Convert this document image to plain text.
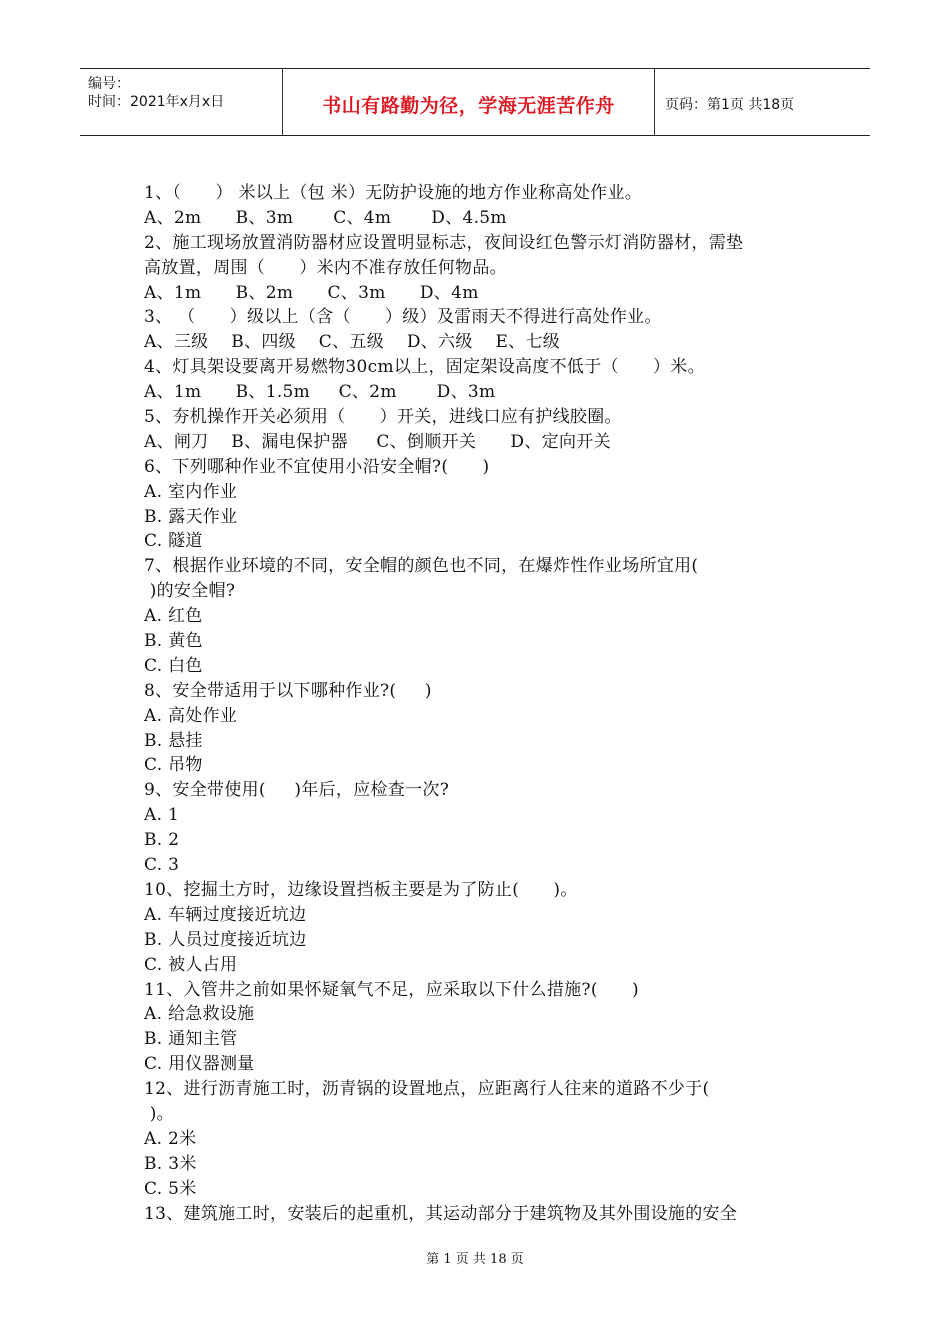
编号：
时间：2021年x月x日	书山有路勤为径，学海无涯苦作舟	页码：第1页 共18页
1、（      ） 米以上（包 米）无防护设施的地方作业称高处作业。
A、2m      B、3m       C、4m       D、4.5m
2、施工现场放置消防器材应设置明显标志，夜间设红色警示灯消防器材，需垫
高放置，周围（      ）米内不准存放任何物品。
A、1m      B、2m      C、3m      D、4m
3、 （      ）级以上（含（      ）级）及雷雨天不得进行高处作业。
A、三级    B、四级    C、五级    D、六级    E、七级
4、灯具架设要离开易燃物30cm以上，固定架设高度不低于（      ）米。
A、1m      B、1.5m     C、2m       D、3m
5、夯机操作开关必须用（      ）开关，进线口应有护线胶圈。
A、闸刀    B、漏电保护器     C、倒顺开关      D、定向开关
6、下列哪种作业不宜使用小沿安全帽?(      )
A. 室内作业
B. 露天作业
C. 隧道
7、根据作业环境的不同，安全帽的颜色也不同，在爆炸性作业场所宜用(
)的安全帽?
A. 红色
B. 黄色
C. 白色
8、安全带适用于以下哪种作业?(     )
A. 高处作业
B. 悬挂
C. 吊物
9、安全带使用(     )年后，应检查一次?
A. 1
B. 2
C. 3
10、挖掘土方时，边缘设置挡板主要是为了防止(      )。
A. 车辆过度接近坑边
B. 人员过度接近坑边
C. 被人占用
11、入管井之前如果怀疑氧气不足，应采取以下什么措施?(      )
A. 给急救设施
B. 通知主管
C. 用仪器测量
12、进行沥青施工时，沥青锅的设置地点，应距离行人往来的道路不少于(
)。
A. 2米
B. 3米
C. 5米
13、建筑施工时，安装后的起重机，其运动部分于建筑物及其外围设施的安全
第 1 页 共 18 页
